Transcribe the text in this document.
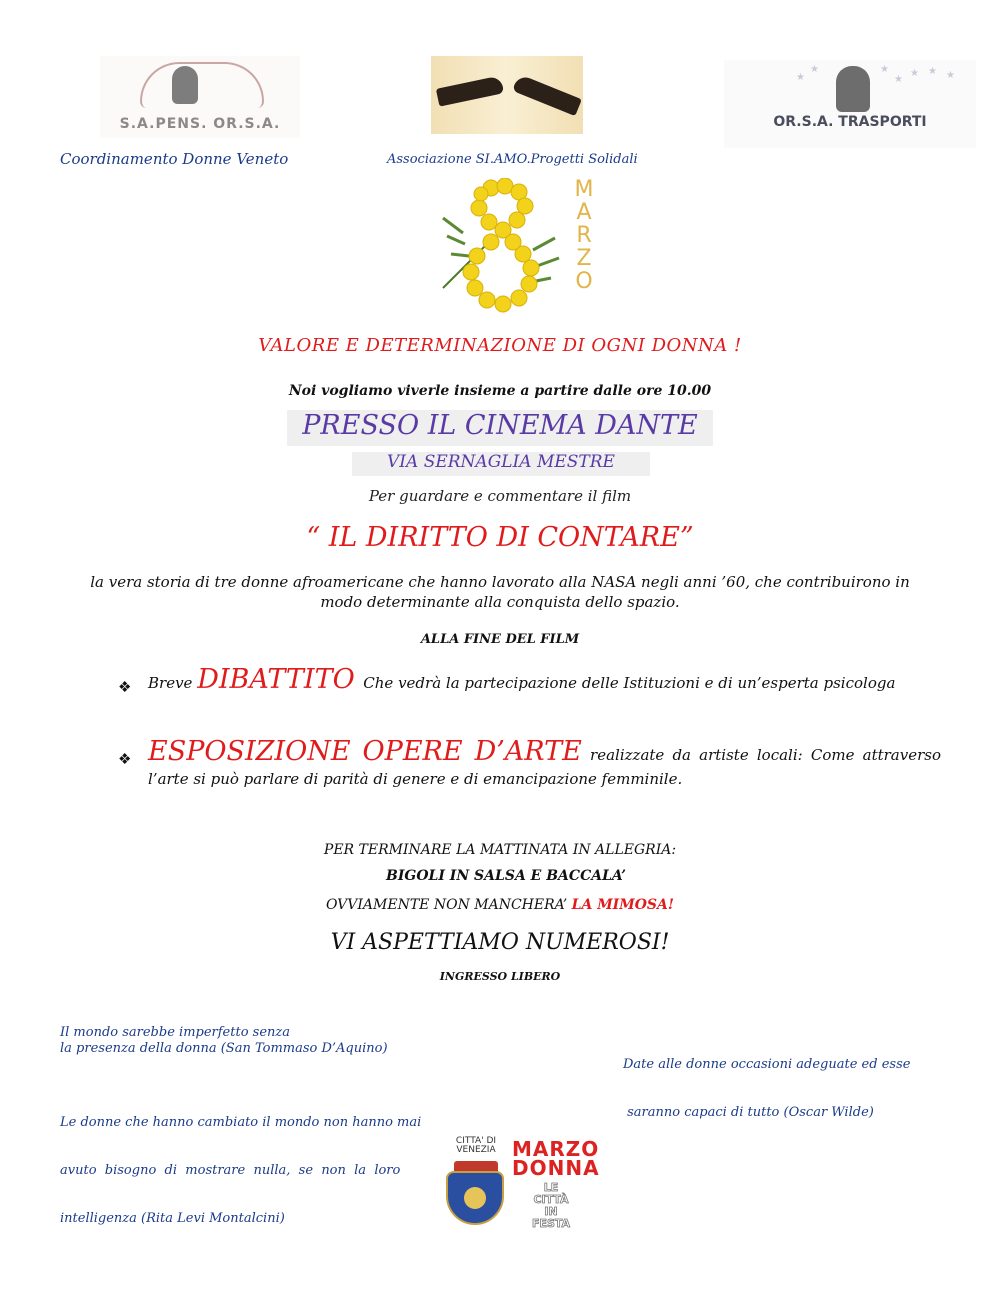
S.A.PENS. OR.S.A.
★
★	★
★
★ ★ ★
OR.S.A. TRASPORTI
Coordinamento Donne Veneto	Associazione SI.AMO.Progetti Solidali
M
A
R
Z
O
VALORE E DETERMINAZIONE DI OGNI DONNA !
Noi vogliamo viverle insieme a partire dalle ore 10.00
PRESSO IL CINEMA DANTE
VIA SERNAGLIA MESTRE
Per guardare e commentare il film
“ IL DIRITTO DI CONTARE”
la vera storia di tre donne afroamericane che hanno lavorato alla NASA negli anni ’60, che contribuirono in modo determinante alla conquista dello spazio.
ALLA FINE DEL FILM
❖ Breve DIBATTITO Che vedrà la partecipazione delle Istituzioni e di un’esperta psicologa
❖ ESPOSIZIONE OPERE D’ARTE realizzate da artiste locali: Come attraverso l’arte si può parlare di parità di genere e di emancipazione femminile.
PER TERMINARE LA MATTINATA IN ALLEGRIA:
BIGOLI IN SALSA E BACCALA’
OVVIAMENTE NON MANCHERA’ LA MIMOSA!
VI ASPETTIAMO NUMEROSI!
INGRESSO LIBERO
Il mondo sarebbe imperfetto senza
la presenza della donna (San Tommaso D’Aquino)

Date alle donne occasioni adeguate ed esse

saranno capaci di tutto (Oscar Wilde)

Le donne che hanno cambiato il mondo non hanno mai

avuto  bisogno  di  mostrare  nulla,  se  non  la  loro

intelligenza (Rita Levi Montalcini)

CITTA' DI VENEZIA MARZO
DONNA
LE
CITTÀ
IN
FESTA
